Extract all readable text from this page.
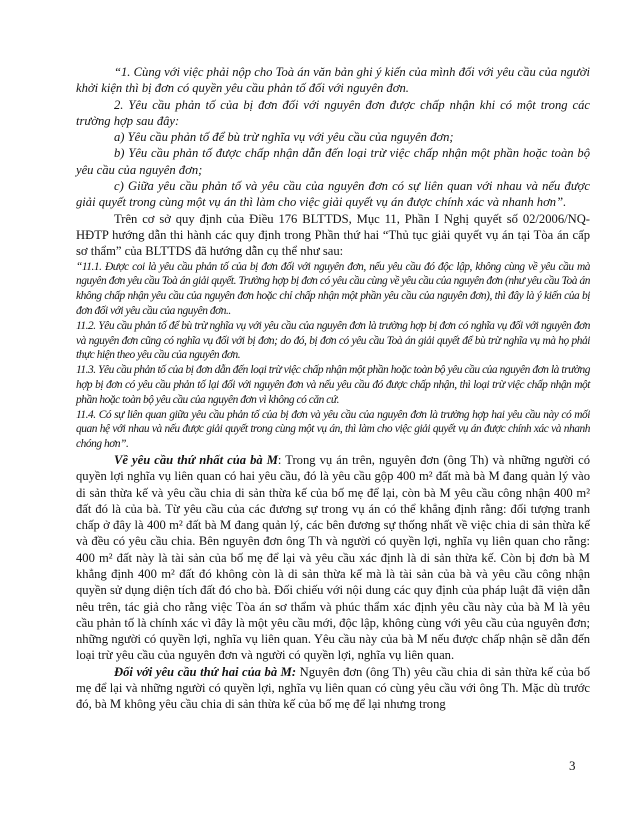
“1. Cùng với việc phải nộp cho Toà án văn bản ghi ý kiến của mình đối với yêu cầu của người khởi kiện thì bị đơn có quyền yêu cầu phản tố đối với nguyên đơn.

2. Yêu cầu phản tố của bị đơn đối với nguyên đơn được chấp nhận khi có một trong các trường hợp sau đây:

a) Yêu cầu phản tố để bù trừ nghĩa vụ với yêu cầu của nguyên đơn;

b) Yêu cầu phản tố được chấp nhận dẫn đến loại trừ việc chấp nhận một phần hoặc toàn bộ yêu cầu của nguyên đơn;

c) Giữa yêu cầu phản tố và yêu cầu của nguyên đơn có sự liên quan với nhau và nếu được giải quyết trong cùng một vụ án thì làm cho việc giải quyết vụ án được chính xác và nhanh hơn”.

Trên cơ sở quy định của Điều 176 BLTTDS, Mục 11, Phần I Nghị quyết số 02/2006/NQ-HĐTP hướng dẫn thi hành các quy định trong Phần thứ hai “Thủ tục giải quyết vụ án tại Tòa án cấp sơ thẩm” của BLTTDS đã hướng dẫn cụ thể như sau:

“11.1. Được coi là yêu cầu phản tố của bị đơn đối với nguyên đơn, nếu yêu cầu đó độc lập, không cùng về yêu cầu mà nguyên đơn yêu cầu Toà án giải quyết. Trường hợp bị đơn có yêu cầu cùng về yêu cầu của nguyên đơn (như yêu cầu Toà án không chấp nhận yêu cầu của nguyên đơn hoặc chỉ chấp nhận một phần yêu cầu của nguyên đơn), thì đây là ý kiến của bị đơn đối với yêu cầu của nguyên đơn..

11.2. Yêu cầu phản tố để bù trừ nghĩa vụ với yêu cầu của nguyên đơn là trường hợp bị đơn có nghĩa vụ đối với nguyên đơn và nguyên đơn cũng có nghĩa vụ đối với bị đơn; do đó, bị đơn có yêu cầu Toà án giải quyết để bù trừ nghĩa vụ mà họ phải thực hiện theo yêu cầu của nguyên đơn.

11.3. Yêu cầu phản tố của bị đơn dẫn đến loại trừ việc chấp nhận một phần hoặc toàn bộ yêu cầu của nguyên đơn là trường hợp bị đơn có yêu cầu phản tố lại đối với nguyên đơn và nếu yêu cầu đó được chấp nhận, thì loại trừ việc chấp nhận một phần hoặc toàn bộ yêu cầu của nguyên đơn vì không có căn cứ.

11.4. Có sự liên quan giữa yêu cầu phản tố của bị đơn và yêu cầu của nguyên đơn là trường hợp hai yêu cầu này có mối quan hệ với nhau và nếu được giải quyết trong cùng một vụ án, thì làm cho việc giải quyết vụ án được chính xác và nhanh chóng hơn”.

Về yêu cầu thứ nhất của bà M: Trong vụ án trên, nguyên đơn (ông Th) và những người có quyền lợi nghĩa vụ liên quan có hai yêu cầu, đó là yêu cầu gộp 400 m² đất mà bà M đang quản lý vào di sản thừa kế và yêu cầu chia di sản thừa kế của bố mẹ để lại, còn bà M yêu cầu công nhận 400 m² đất đó là của bà. Từ yêu cầu của các đương sự trong vụ án có thể khẳng định rằng: đối tượng tranh chấp ở đây là 400 m² đất bà M đang quản lý, các bên đương sự thống nhất về việc chia di sản thừa kế và đều có yêu cầu chia. Bên nguyên đơn ông Th và người có quyền lợi, nghĩa vụ liên quan cho rằng: 400 m² đất này là tài sản của bố mẹ để lại và yêu cầu xác định là di sản thừa kế. Còn bị đơn bà M khẳng định 400 m² đất đó không còn là di sản thừa kế mà là tài sản của bà và yêu cầu công nhận quyền sử dụng diện tích đất đó cho bà. Đối chiếu với nội dung các quy định của pháp luật đã viện dẫn nêu trên, tác giả cho rằng việc Tòa án sơ thẩm và phúc thẩm xác định yêu cầu này của bà M là yêu cầu phản tố là chính xác vì đây là một yêu cầu mới, độc lập, không cùng với yêu cầu của nguyên đơn; những người có quyền lợi, nghĩa vụ liên quan. Yêu cầu này của bà M nếu được chấp nhận sẽ dẫn đến loại trừ yêu cầu của nguyên đơn và người có quyền lợi, nghĩa vụ liên quan.

Đối với yêu cầu thứ hai của bà M: Nguyên đơn (ông Th) yêu cầu chia di sản thừa kế của bố mẹ để lại và những người có quyền lợi, nghĩa vụ liên quan có cùng yêu cầu với ông Th. Mặc dù trước đó, bà M không yêu cầu chia di sản thừa kế của bố mẹ để lại nhưng trong

3
